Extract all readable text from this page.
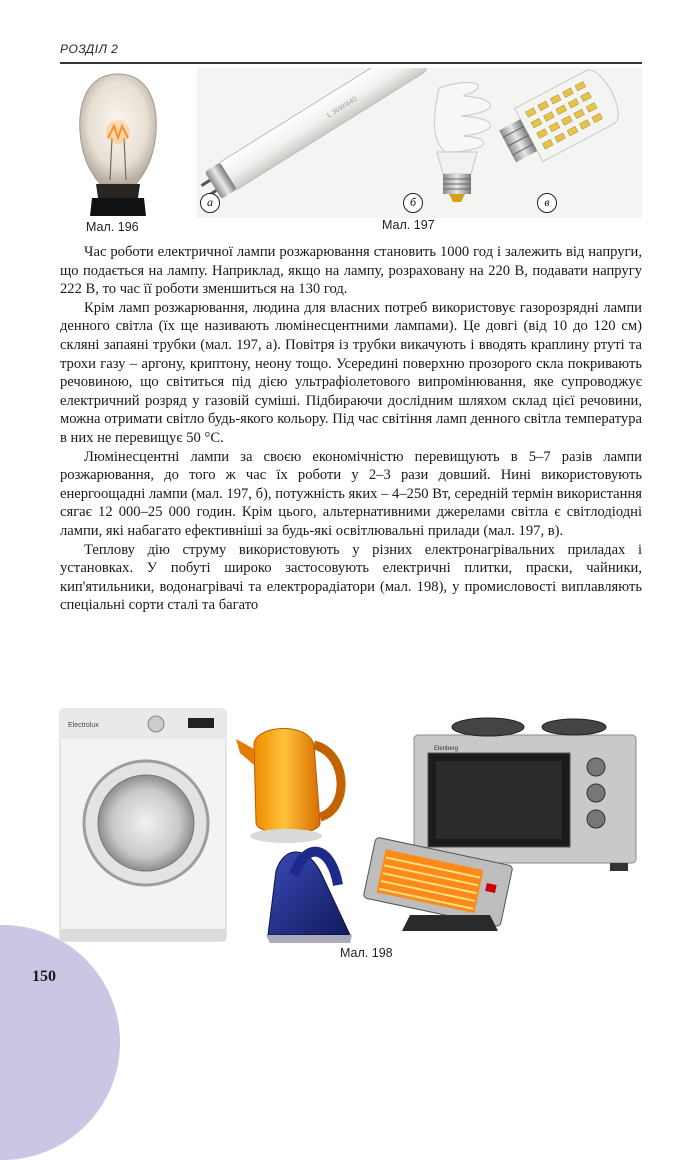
РОЗДІЛ 2
L 36W/640
а	б	в
Мал. 196	Мал. 197

Час роботи електричної лампи розжарювання становить 1000 год і залежить від напруги, що подається на лампу. Наприклад, якщо на лампу, розраховану на 220 В, подавати напругу 222 В, то час її роботи зменшиться на 130 год.

Крім ламп розжарювання, людина для власних потреб використовує газорозрядні лампи денного світла (їх ще називають люмінесцентними лампами). Це довгі (від 10 до 120 см) скляні запаяні трубки (мал. 197, а). Повітря із трубки викачують і вводять краплину ртуті та трохи газу – аргону, криптону, неону тощо. Усередині поверхню прозорого скла покривають речовиною, що світиться під дією ультрафіолетового випромінювання, яке супроводжує електричний розряд у газовій суміші. Підбираючи дослідним шляхом склад цієї речовини, можна отримати світло будь-якого кольору. Під час світіння ламп денного світла температура в них не перевищує 50 °С.

Люмінесцентні лампи за своєю економічністю перевищують в 5–7 разів лампи розжарювання, до того ж час їх роботи у 2–3 рази довший. Нині використовують енергоощадні лампи (мал. 197, б), потужність яких – 4–250 Вт, середній термін використання сягає 12 000–25 000 годин. Крім цього, альтернативними джерелами світла є світлодіодні лампи, які набагато ефективніші за будь-які освітлювальні прилади (мал. 197, в).

Теплову дію струму використовують у різних електронагрівальних приладах і установках. У побуті широко застосовують електричні плитки, праски, чайники, кип'ятильники, водонагрівачі та електрорадіатори (мал. 198), у промисловості виплавляють спеціальні сорти сталі та багато

Electrolux
Elenberg
Мал. 198
150
